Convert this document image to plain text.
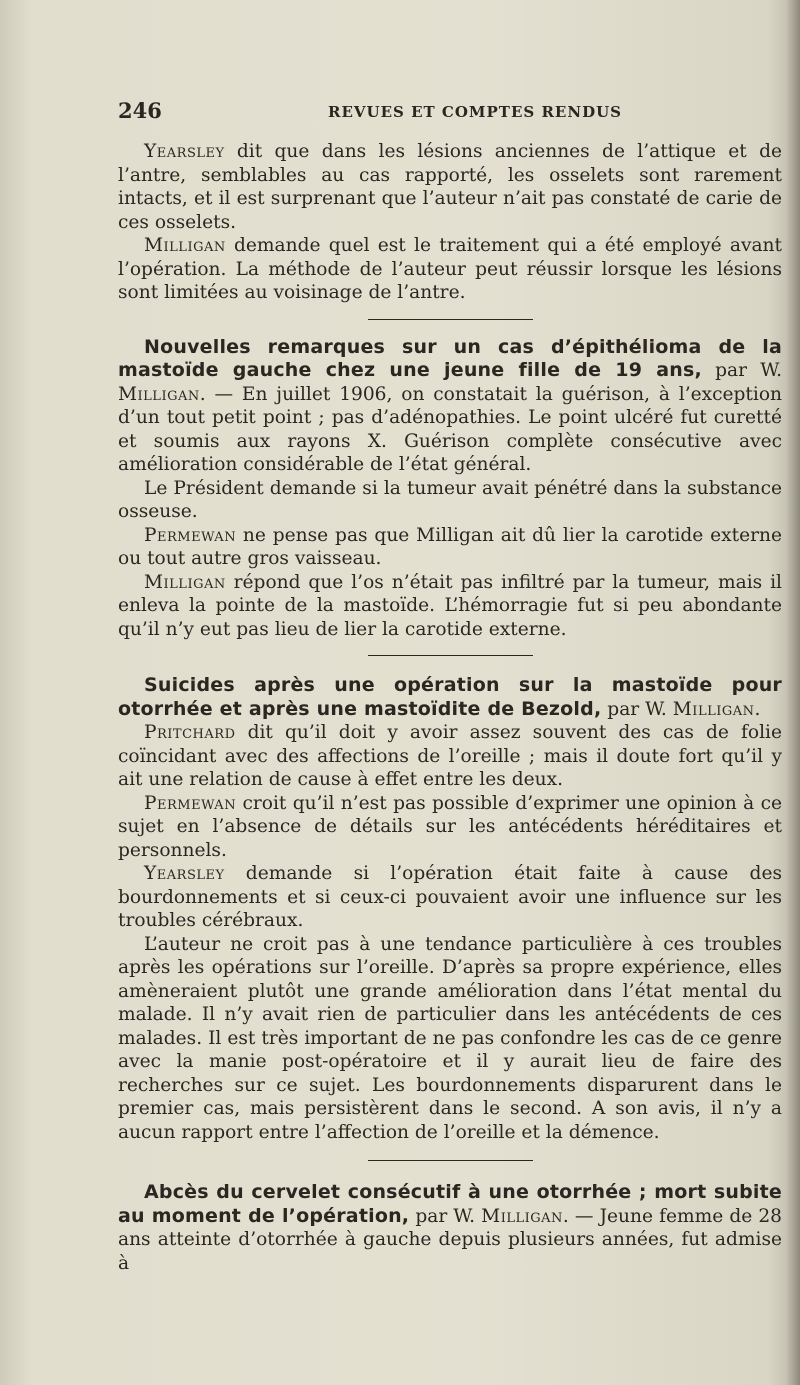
246	REVUES ET COMPTES RENDUS

Yearsley dit que dans les lésions anciennes de l’attique et de l’antre, semblables au cas rapporté, les osselets sont rarement intacts, et il est surprenant que l’auteur n’ait pas constaté de carie de ces osselets.

Milligan demande quel est le traitement qui a été employé avant l’opération. La méthode de l’auteur peut réussir lorsque les lésions sont limitées au voisinage de l’antre.

Nouvelles remarques sur un cas d’épithélioma de la mastoïde gauche chez une jeune fille de 19 ans, par W. Milligan. — En juillet 1906, on constatait la guérison, à l’exception d’un tout petit point ; pas d’adénopathies. Le point ulcéré fut curetté et soumis aux rayons X. Guérison complète consécutive avec amélioration considérable de l’état général.

Le Président demande si la tumeur avait pénétré dans la substance osseuse.

Permewan ne pense pas que Milligan ait dû lier la carotide externe ou tout autre gros vaisseau.

Milligan répond que l’os n’était pas infiltré par la tumeur, mais il enleva la pointe de la mastoïde. L’hémorragie fut si peu abondante qu’il n’y eut pas lieu de lier la carotide externe.

Suicides après une opération sur la mastoïde pour otorrhée et après une mastoïdite de Bezold, par W. Milligan.

Pritchard dit qu’il doit y avoir assez souvent des cas de folie coïncidant avec des affections de l’oreille ; mais il doute fort qu’il y ait une relation de cause à effet entre les deux.

Permewan croit qu’il n’est pas possible d’exprimer une opinion à ce sujet en l’absence de détails sur les antécédents héréditaires et personnels.

Yearsley demande si l’opération était faite à cause des bourdonnements et si ceux-ci pouvaient avoir une influence sur les troubles cérébraux.

L’auteur ne croit pas à une tendance particulière à ces troubles après les opérations sur l’oreille. D’après sa propre expérience, elles amèneraient plutôt une grande amélioration dans l’état mental du malade. Il n’y avait rien de particulier dans les antécédents de ces malades. Il est très important de ne pas confondre les cas de ce genre avec la manie post-opératoire et il y aurait lieu de faire des recherches sur ce sujet. Les bourdonnements disparurent dans le premier cas, mais persistèrent dans le second. A son avis, il n’y a aucun rapport entre l’affection de l’oreille et la démence.

Abcès du cervelet consécutif à une otorrhée ; mort subite au moment de l’opération, par W. Milligan. — Jeune femme de 28 ans atteinte d’otorrhée à gauche depuis plusieurs années, fut admise à
